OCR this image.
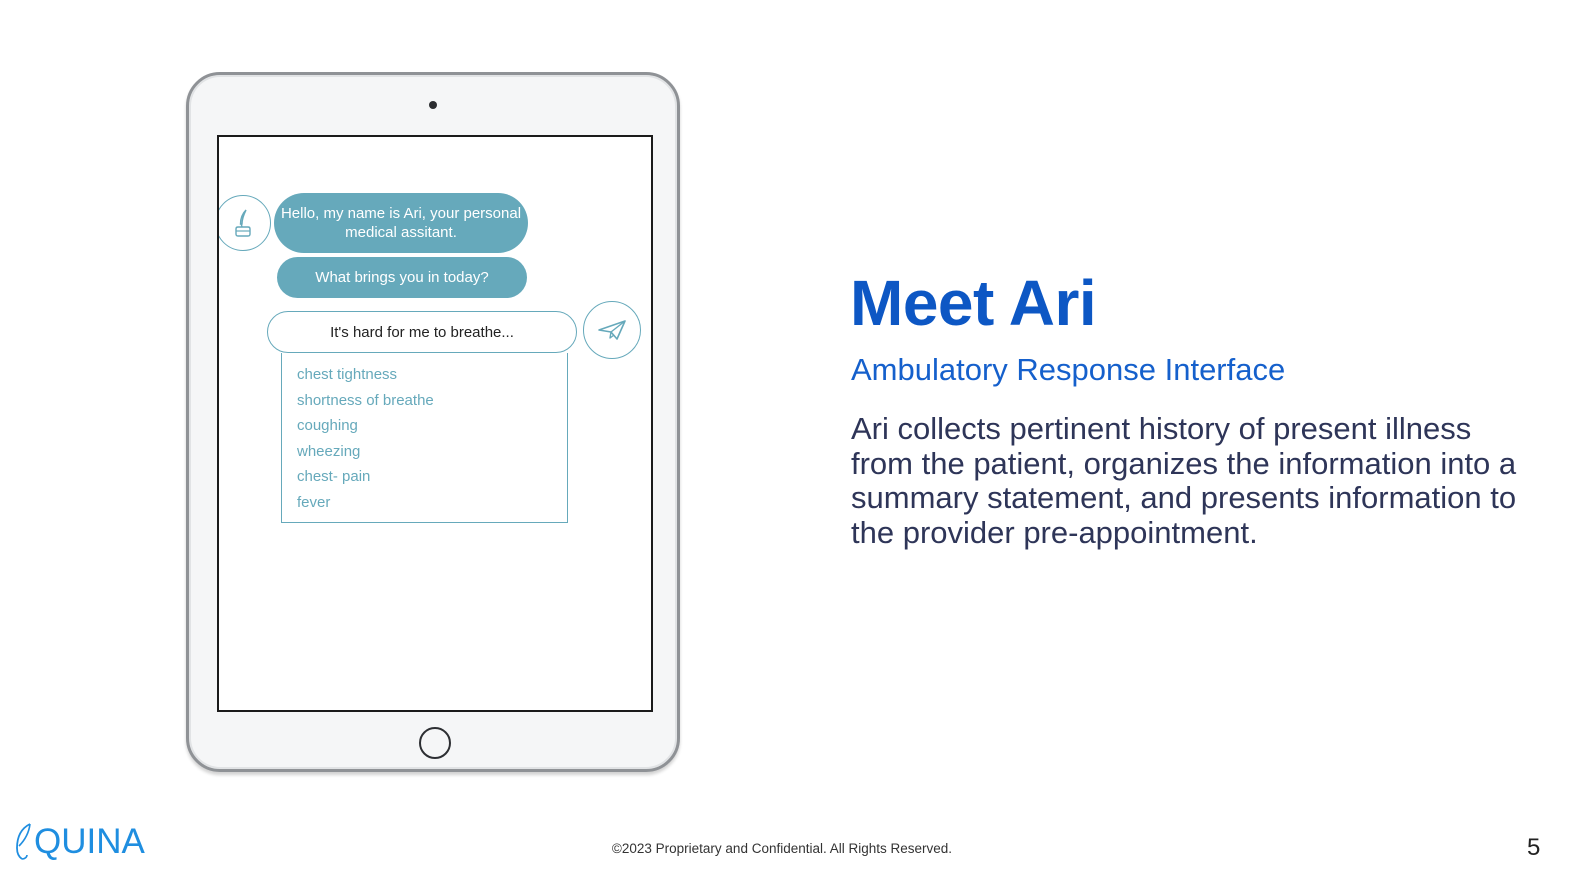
Hello, my name is Ari, your personal medical assitant.
What brings you in today?
It's hard for me to breathe...
chest tightness
shortness of breathe
coughing
wheezing
chest- pain
fever
Meet Ari
Ambulatory Response Interface
Ari collects pertinent history of present illness from the patient, organizes the information into a summary statement, and presents information to the provider pre-appointment.
QUINA	©2023 Proprietary and Confidential. All Rights Reserved.	5
